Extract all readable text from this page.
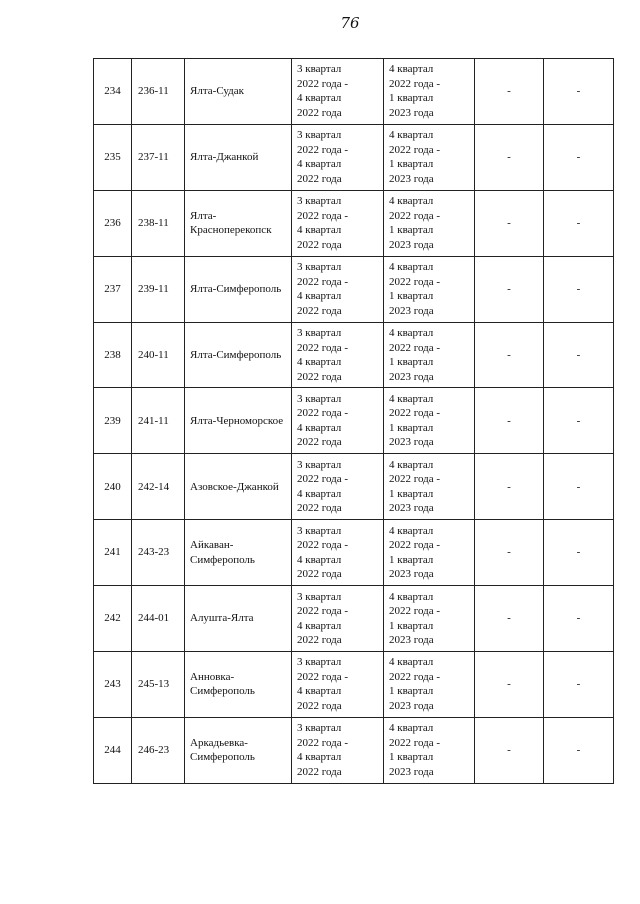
76
234	236-11	Ялта-Судак	3 квартал
2022 года -
4 квартал
2022 года	4 квартал
2022 года -
1 квартал
2023 года	-	-
235	237-11	Ялта-Джанкой	3 квартал
2022 года -
4 квартал
2022 года	4 квартал
2022 года -
1 квартал
2023 года	-	-
236	238-11	Ялта-Красноперекопск	3 квартал
2022 года -
4 квартал
2022 года	4 квартал
2022 года -
1 квартал
2023 года	-	-
237	239-11	Ялта-Симферополь	3 квартал
2022 года -
4 квартал
2022 года	4 квартал
2022 года -
1 квартал
2023 года	-	-
238	240-11	Ялта-Симферополь	3 квартал
2022 года -
4 квартал
2022 года	4 квартал
2022 года -
1 квартал
2023 года	-	-
239	241-11	Ялта-Черноморское	3 квартал
2022 года -
4 квартал
2022 года	4 квартал
2022 года -
1 квартал
2023 года	-	-
240	242-14	Азовское-Джанкой	3 квартал
2022 года -
4 квартал
2022 года	4 квартал
2022 года -
1 квартал
2023 года	-	-
241	243-23	Айкаван-Симферополь	3 квартал
2022 года -
4 квартал
2022 года	4 квартал
2022 года -
1 квартал
2023 года	-	-
242	244-01	Алушта-Ялта	3 квартал
2022 года -
4 квартал
2022 года	4 квартал
2022 года -
1 квартал
2023 года	-	-
243	245-13	Анновка-Симферополь	3 квартал
2022 года -
4 квартал
2022 года	4 квартал
2022 года -
1 квартал
2023 года	-	-
244	246-23	Аркадьевка-Симферополь	3 квартал
2022 года -
4 квартал
2022 года	4 квартал
2022 года -
1 квартал
2023 года	-	-
